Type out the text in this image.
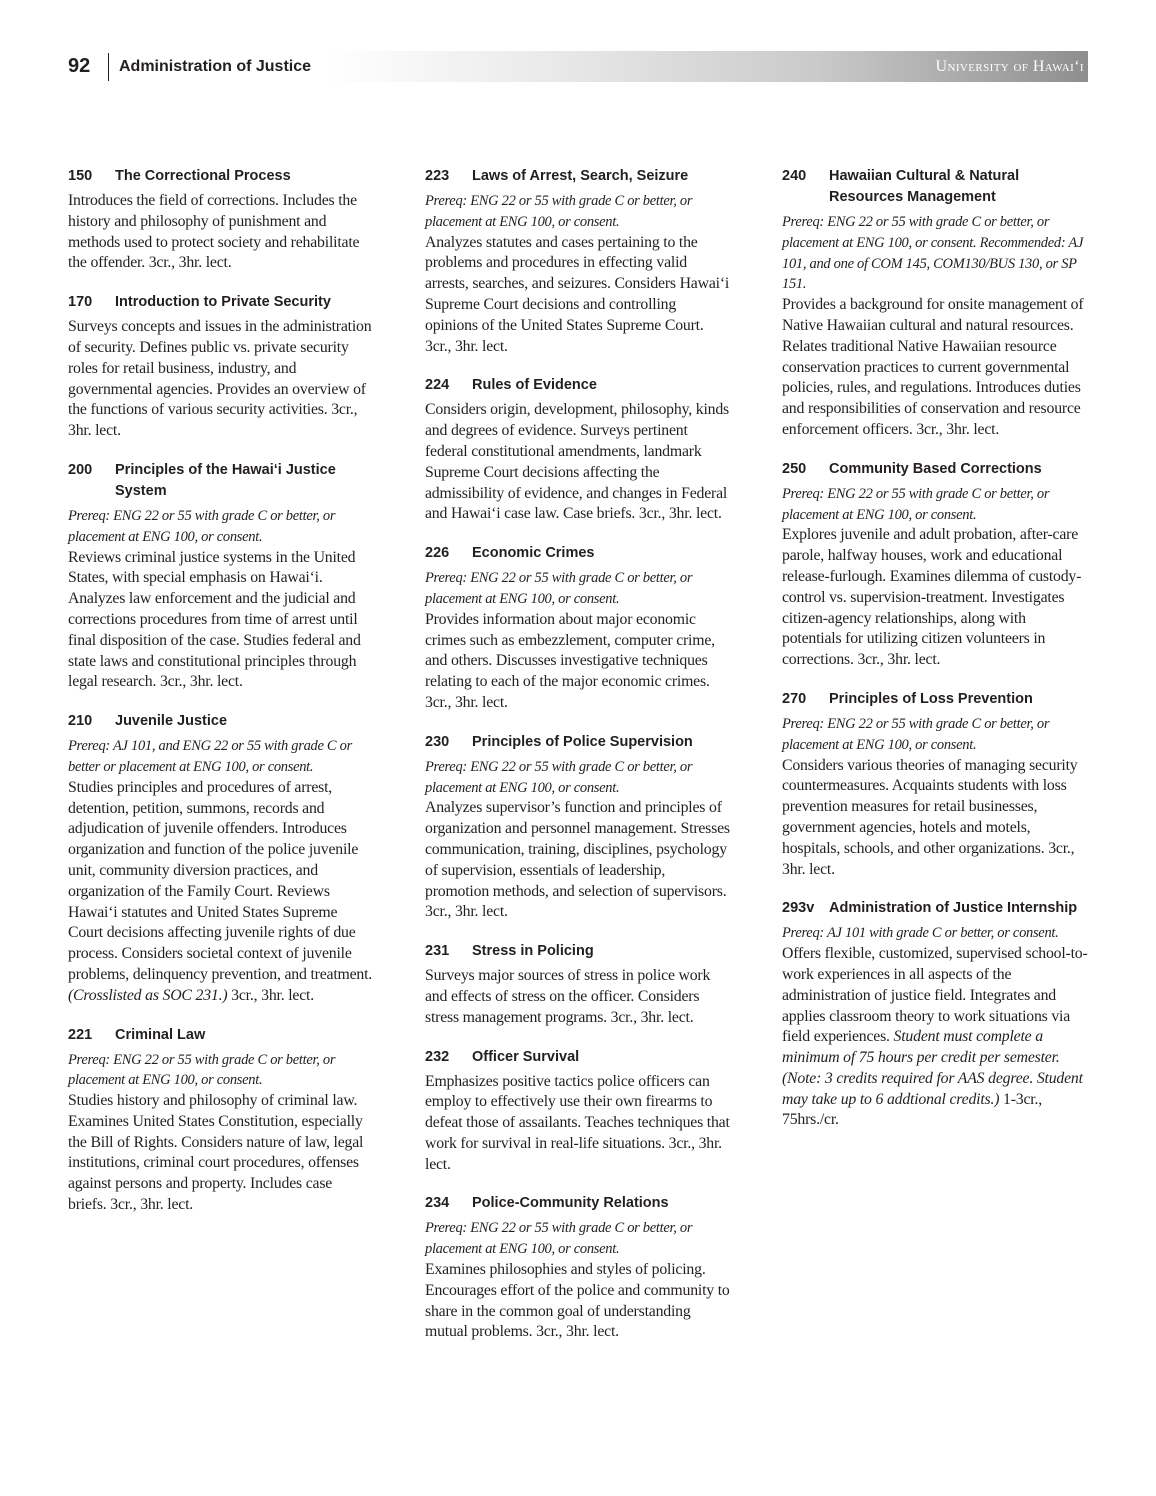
92 Administration of Justice	University of Hawai‘i
150	The Correctional Process
Introduces the field of corrections. Includes the history and philosophy of punishment and methods used to protect society and rehabilitate the offender. 3cr., 3hr. lect.
170	Introduction to Private Security
Surveys concepts and issues in the administration of security. Defines public vs. private security roles for retail business, industry, and governmental agencies. Provides an overview of the functions of various security activities. 3cr., 3hr. lect.
200	Principles of the Hawai‘i Justice System
Prereq: ENG 22 or 55 with grade C or better, or placement at ENG 100, or consent.
Reviews criminal justice systems in the United States, with special emphasis on Hawai‘i. Analyzes law enforcement and the judicial and corrections procedures from time of arrest until final disposition of the case. Studies federal and state laws and constitutional principles through legal research. 3cr., 3hr. lect.
210	Juvenile Justice
Prereq: AJ 101, and ENG 22 or 55 with grade C or better or placement at ENG 100, or consent.
Studies principles and procedures of arrest, detention, petition, summons, records and adjudication of juvenile offenders. Introduces organization and function of the police juvenile unit, community diversion practices, and organization of the Family Court. Reviews Hawai‘i statutes and United States Supreme Court decisions affecting juvenile rights of due process. Considers societal context of juvenile problems, delinquency prevention, and treatment. (Crosslisted as SOC 231.) 3cr., 3hr. lect.
221	Criminal Law
Prereq: ENG 22 or 55 with grade C or better, or placement at ENG 100, or consent.
Studies history and philosophy of criminal law. Examines United States Constitution, especially the Bill of Rights. Considers nature of law, legal institutions, criminal court procedures, offenses against persons and property. Includes case briefs. 3cr., 3hr. lect.
223	Laws of Arrest, Search, Seizure
Prereq: ENG 22 or 55 with grade C or better, or placement at ENG 100, or consent.
Analyzes statutes and cases pertaining to the problems and procedures in effecting valid arrests, searches, and seizures. Considers Hawai‘i Supreme Court decisions and controlling opinions of the United States Supreme Court. 3cr., 3hr. lect.
224	Rules of Evidence
Considers origin, development, philosophy, kinds and degrees of evidence. Surveys pertinent federal constitutional amendments, landmark Supreme Court decisions affecting the admissibility of evidence, and changes in Federal and Hawai‘i case law. Case briefs. 3cr., 3hr. lect.
226	Economic Crimes
Prereq: ENG 22 or 55 with grade C or better, or placement at ENG 100, or consent.
Provides information about major economic crimes such as embezzlement, computer crime, and others. Discusses investigative techniques relating to each of the major economic crimes. 3cr., 3hr. lect.
230	Principles of Police Supervision
Prereq: ENG 22 or 55 with grade C or better, or placement at ENG 100, or consent.
Analyzes supervisor’s function and principles of organization and personnel management. Stresses communication, training, disciplines, psychology of supervision, essentials of leadership, promotion methods, and selection of supervisors. 3cr., 3hr. lect.
231	Stress in Policing
Surveys major sources of stress in police work and effects of stress on the officer. Considers stress management programs. 3cr., 3hr. lect.
232	Officer Survival
Emphasizes positive tactics police officers can employ to effectively use their own firearms to defeat those of assailants. Teaches techniques that work for survival in real-life situations. 3cr., 3hr. lect.
234	Police-Community Relations
Prereq: ENG 22 or 55 with grade C or better, or placement at ENG 100, or consent.
Examines philosophies and styles of policing. Encourages effort of the police and community to share in the common goal of understanding mutual problems. 3cr., 3hr. lect.
240	Hawaiian Cultural & Natural Resources Management
Prereq: ENG 22 or 55 with grade C or better, or placement at ENG 100, or consent. Recommended: AJ 101, and one of COM 145, COM130/BUS 130, or SP 151.
Provides a background for onsite management of Native Hawaiian cultural and natural resources. Relates traditional Native Hawaiian resource conservation practices to current governmental policies, rules, and regulations. Introduces duties and responsibilities of conservation and resource enforcement officers. 3cr., 3hr. lect.
250	Community Based Corrections
Prereq: ENG 22 or 55 with grade C or better, or placement at ENG 100, or consent.
Explores juvenile and adult probation, after-care parole, halfway houses, work and educational release-furlough. Examines dilemma of custody-control vs. supervision-treatment. Investigates citizen-agency relationships, along with potentials for utilizing citizen volunteers in corrections. 3cr., 3hr. lect.
270	Principles of Loss Prevention
Prereq: ENG 22 or 55 with grade C or better, or placement at ENG 100, or consent.
Considers various theories of managing security countermeasures. Acquaints students with loss prevention measures for retail businesses, government agencies, hotels and motels, hospitals, schools, and other organizations. 3cr., 3hr. lect.
293v	Administration of Justice Internship
Prereq: AJ 101 with grade C or better, or consent.
Offers flexible, customized, supervised school-to-work experiences in all aspects of the administration of justice field. Integrates and applies classroom theory to work situations via field experiences. Student must complete a minimum of 75 hours per credit per semester. (Note: 3 credits required for AAS degree. Student may take up to 6 addtional credits.) 1-3cr., 75hrs./cr.
